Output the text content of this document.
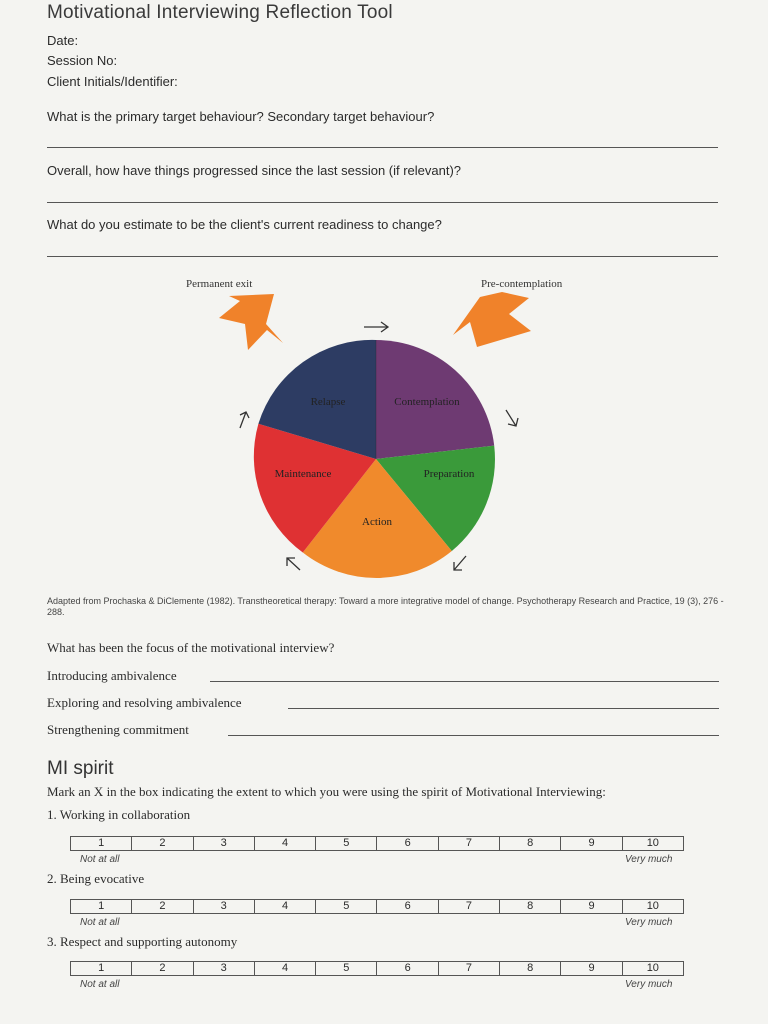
Motivational Interviewing Reflection Tool
Date:
Session No:
Client Initials/Identifier:
What is the primary target behaviour? Secondary target behaviour?
Overall, how have things progressed since the last session (if relevant)?
What do you estimate to be the client's current readiness to change?
Permanent exit	Pre-contemplation
Relapse	Contemplation
Preparation
Maintenance
Action
Adapted from Prochaska & DiClemente (1982). Transtheoretical therapy: Toward a more integrative model of change. Psychotherapy Research and Practice, 19 (3), 276 - 288.
What has been the focus of the motivational interview?
Introducing ambivalence
Exploring and resolving ambivalence
Strengthening commitment
MI spirit
Mark an X in the box indicating the extent to which you were using the spirit of Motivational Interviewing:
1. Working in collaboration
1	2	3	4	5	6	7	8	9	10
Not at all	Very much
2. Being evocative
1	2	3	4	5	6	7	8	9	10
Not at all	Very much
3. Respect and supporting autonomy
1	2	3	4	5	6	7	8	9	10
Not at all	Very much
